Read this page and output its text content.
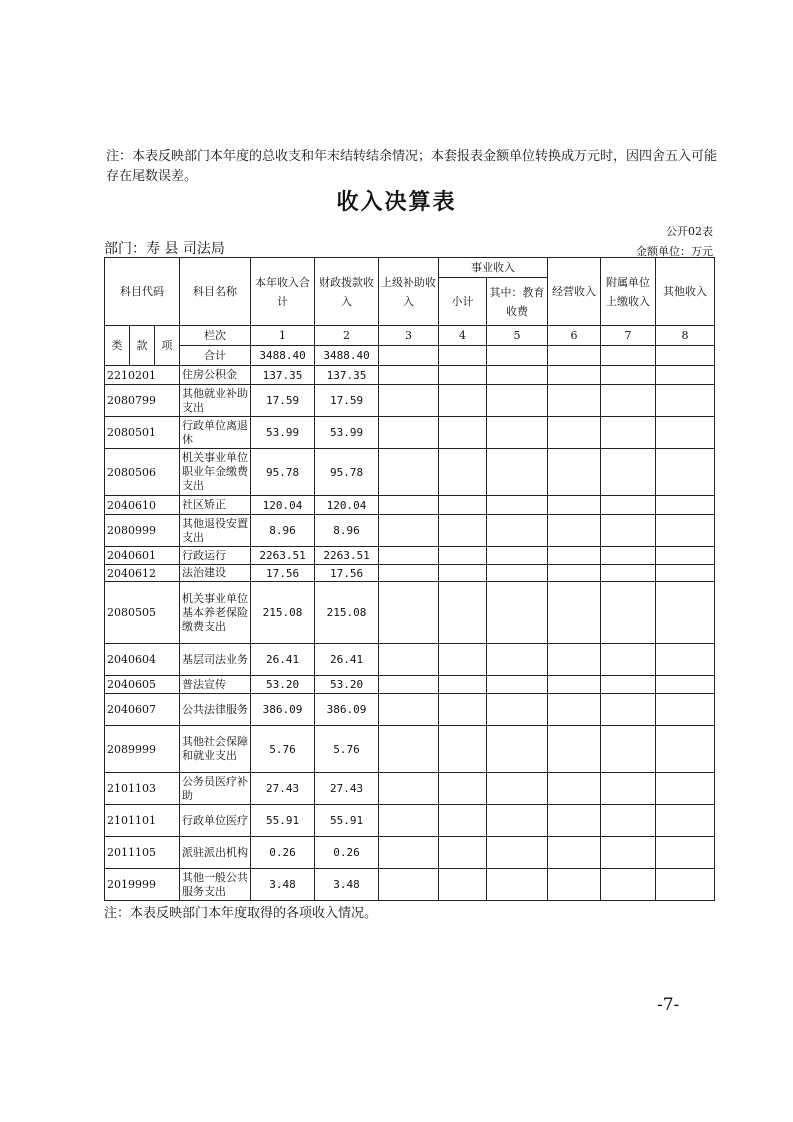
注：本表反映部门本年度的总收支和年末结转结余情况；本套报表金额单位转换成万元时，因四舍五入可能存在尾数误差。
收入决算表
公开02表
部门：寿 县 司法局	金额单位：万元
科目代码			科目名称	本年收入合计	财政拨款收入	上级补助收入	事业收入		经营收入	附属单位上缴收入	其他收入
							小计	其中：教育收费			
类	款	项	栏次	1	2	3	4	5	6	7	8
			合计	3488.40	3488.40						
2210201			住房公积金	137.35	137.35						
2080799			其他就业补助支出	17.59	17.59						
2080501			行政单位离退休	53.99	53.99						
2080506			机关事业单位职业年金缴费支出	95.78	95.78						
2040610			社区矫正	120.04	120.04						
2080999			其他退役安置支出	8.96	8.96						
2040601			行政运行	2263.51	2263.51						
2040612			法治建设	17.56	17.56						
2080505			机关事业单位基本养老保险缴费支出	215.08	215.08						
2040604			基层司法业务	26.41	26.41						
2040605			普法宣传	53.20	53.20						
2040607			公共法律服务	386.09	386.09						
2089999			其他社会保障和就业支出	5.76	5.76						
2101103			公务员医疗补助	27.43	27.43						
2101101			行政单位医疗	55.91	55.91						
2011105			派驻派出机构	0.26	0.26						
2019999			其他一般公共服务支出	3.48	3.48						
注：本表反映部门本年度取得的各项收入情况。
-7-
